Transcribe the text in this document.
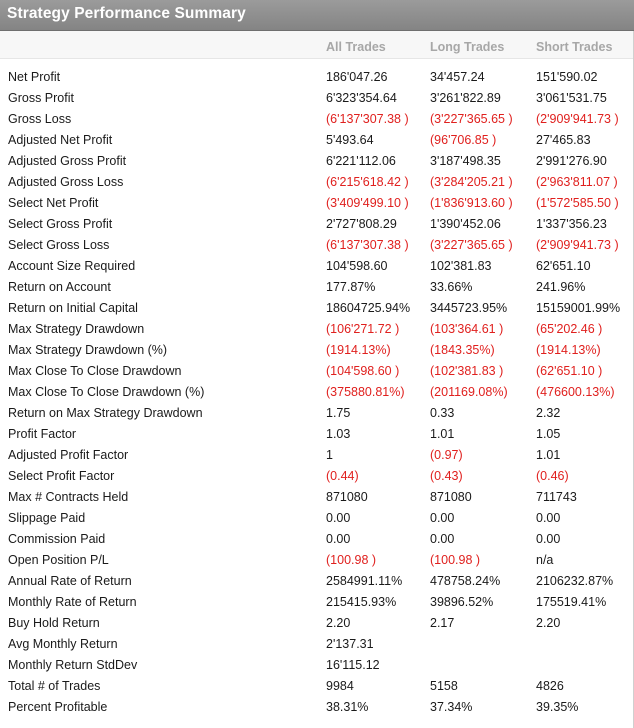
Strategy Performance Summary
All Trades	Long Trades	Short Trades
Net Profit	186'047.26	34'457.24	151'590.02
Gross Profit	6'323'354.64	3'261'822.89	3'061'531.75
Gross Loss	(6'137'307.38 ) (3'227'365.65 ) (2'909'941.73 )
Adjusted Net Profit	5'493.64	(96'706.85 )	27'465.83
Adjusted Gross Profit	6'221'112.06	3'187'498.35	2'991'276.90
Adjusted Gross Loss	(6'215'618.42 ) (3'284'205.21 ) (2'963'811.07 )
Select Net Profit	(3'409'499.10 ) (1'836'913.60 ) (1'572'585.50 )
Select Gross Profit	2'727'808.29	1'390'452.06	1'337'356.23
Select Gross Loss	(6'137'307.38 ) (3'227'365.65 ) (2'909'941.73 )
Account Size Required	104'598.60	102'381.83	62'651.10
Return on Account	177.87%	33.66%	241.96%
Return on Initial Capital	18604725.94% 3445723.95% 15159001.99%
Max Strategy Drawdown	(106'271.72 ) (103'364.61 )	(65'202.46 )
Max Strategy Drawdown (%)	(1914.13%)	(1843.35%)	(1914.13%)
Max Close To Close Drawdown	(104'598.60 ) (102'381.83 )	(62'651.10 )
Max Close To Close Drawdown (%)	(375880.81%) (201169.08%) (476600.13%)
Return on Max Strategy Drawdown	1.75	0.33	2.32
Profit Factor	1.03	1.01	1.05
Adjusted Profit Factor	1	(0.97)	1.01
Select Profit Factor	(0.44)	(0.43)	(0.46)
Max # Contracts Held	871080	871080	711743
Slippage Paid	0.00	0.00	0.00
Commission Paid	0.00	0.00	0.00
Open Position P/L	(100.98 )	(100.98 )	n/a
Annual Rate of Return	2584991.11% 478758.24%	2106232.87%
Monthly Rate of Return	215415.93%	39896.52%	175519.41%
Buy Hold Return	2.20	2.17	2.20
Avg Monthly Return	2'137.31
Monthly Return StdDev	16'115.12
Total # of Trades	9984	5158	4826
Percent Profitable	38.31%	37.34%	39.35%
